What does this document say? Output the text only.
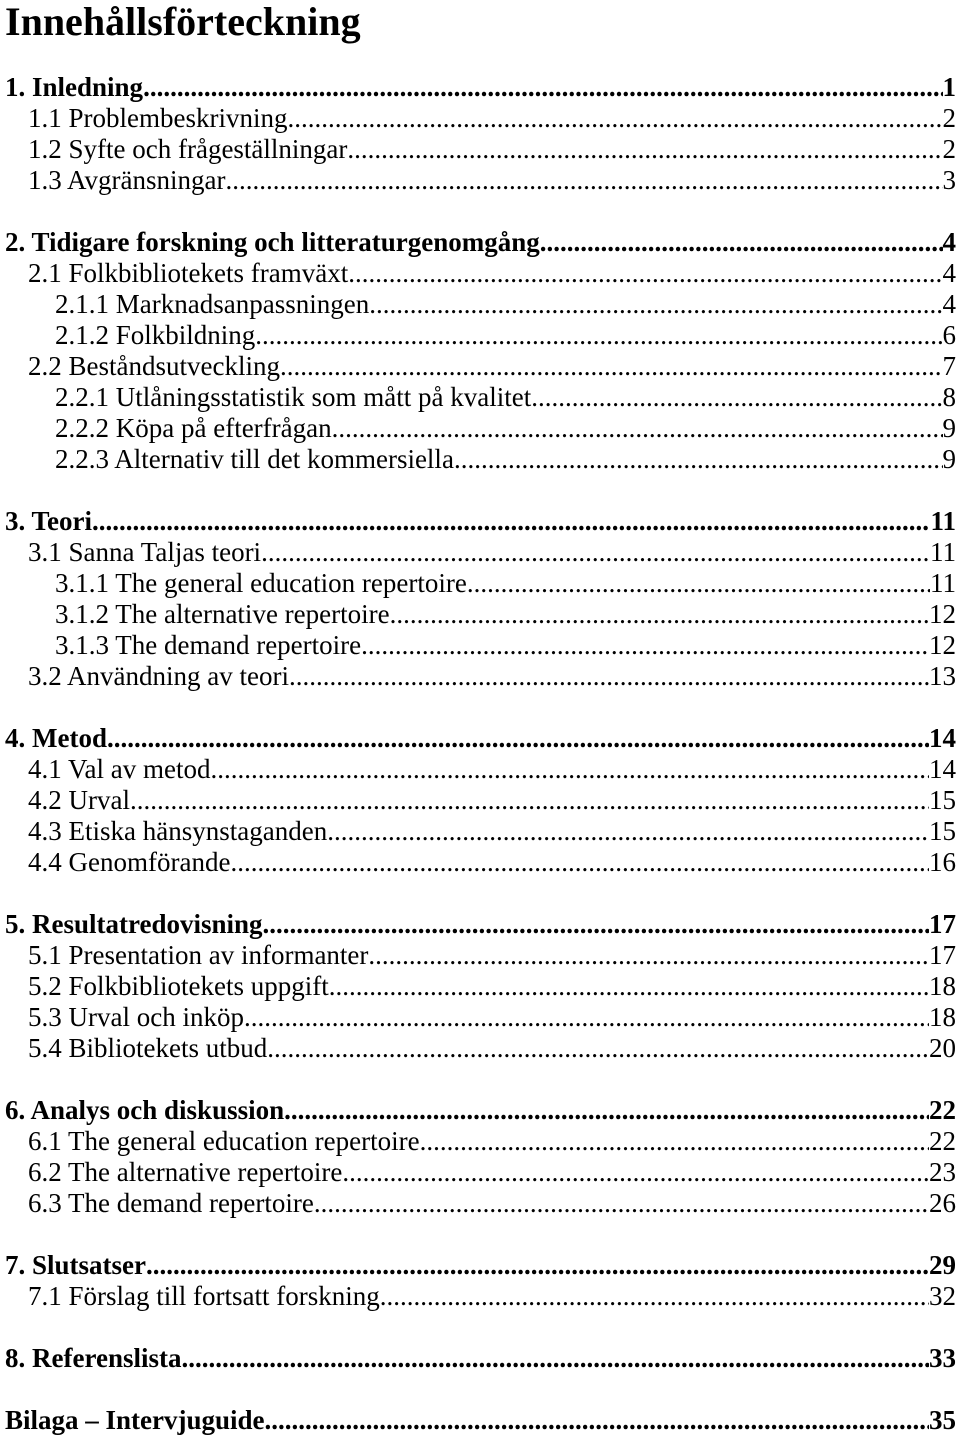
Innehållsförteckning
1. Inledning .....	1
1.1 Problembeskrivning .....	2
1.2 Syfte och frågeställningar .....	2
1.3 Avgränsningar .....	3
2. Tidigare forskning och litteraturgenomgång .....	4
2.1 Folkbibliotekets framväxt .....	4
2.1.1 Marknadsanpassningen .....	4
2.1.2 Folkbildning .....	6
2.2 Beståndsutveckling .....	7
2.2.1 Utlåningsstatistik som mått på kvalitet .....	8
2.2.2 Köpa på efterfrågan .....	9
2.2.3 Alternativ till det kommersiella .....	9
3. Teori .....	11
3.1 Sanna Taljas teori .....	11
3.1.1 The general education repertoire .....	11
3.1.2 The alternative repertoire .....	12
3.1.3 The demand repertoire .....	12
3.2 Användning av teori .....	13
4. Metod .....	14
4.1 Val av metod .....	14
4.2 Urval .....	15
4.3 Etiska hänsynstaganden .....	15
4.4 Genomförande .....	16
5. Resultatredovisning .....	17
5.1 Presentation av informanter .....	17
5.2 Folkbibliotekets uppgift .....	18
5.3 Urval och inköp .....	18
5.4 Bibliotekets utbud .....	20
6. Analys och diskussion .....	22
6.1 The general education repertoire .....	22
6.2 The alternative repertoire .....	23
6.3 The demand repertoire .....	26
7. Slutsatser .....	29
7.1 Förslag till fortsatt forskning .....	32
8. Referenslista .....	33
Bilaga – Intervjuguide .....	35
